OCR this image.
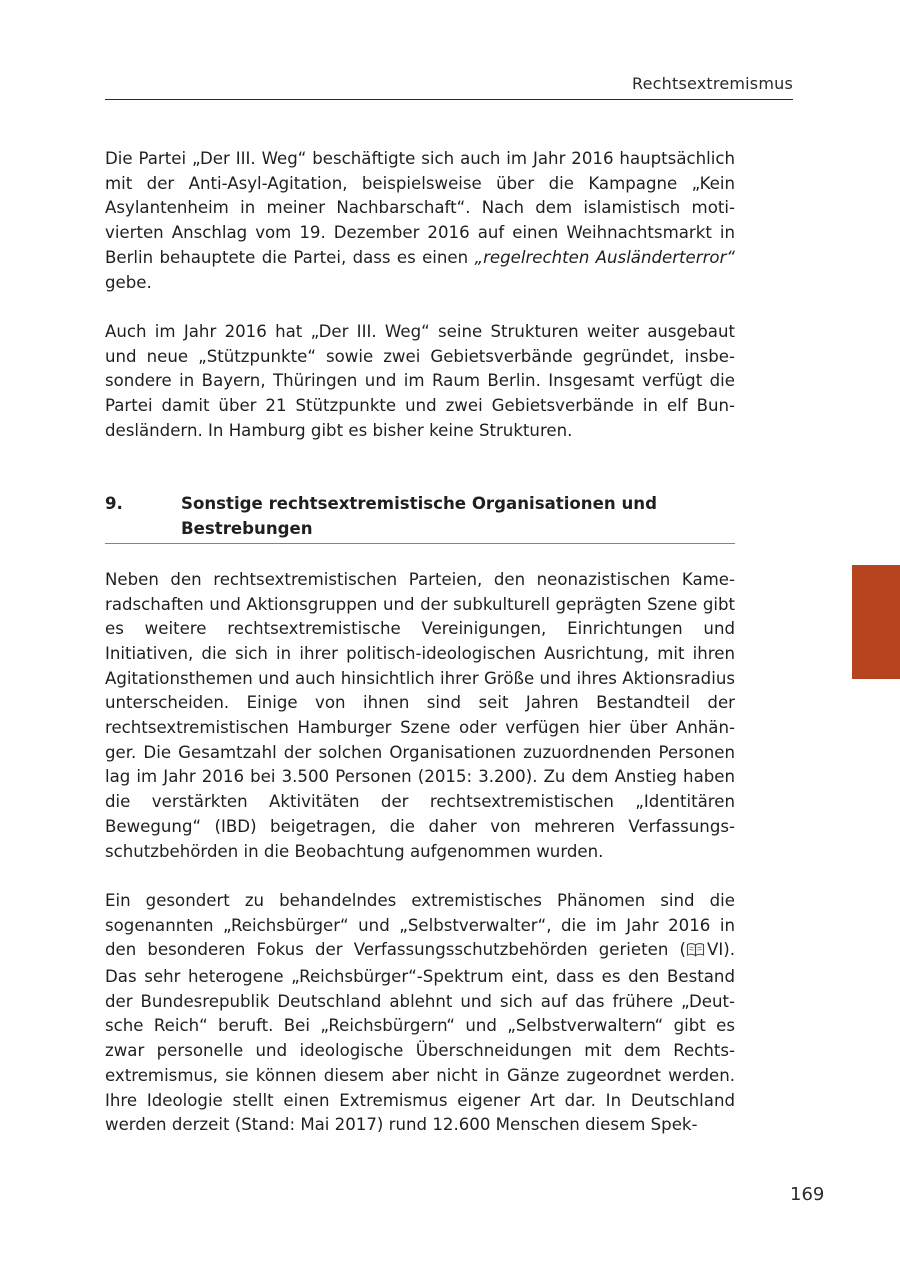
Rechtsextremismus

Die Partei „Der III. Weg“ beschäftigte sich auch im Jahr 2016 hauptsächlich mit der Anti-Asyl-Agitation, beispielsweise über die Kampagne „Kein Asylantenheim in meiner Nachbarschaft“. Nach dem islamistisch motivierten Anschlag vom 19. Dezember 2016 auf einen Weihnachtsmarkt in Berlin behauptete die Partei, dass es einen „regelrechten Ausländerterror“ gebe.

Auch im Jahr 2016 hat „Der III. Weg“ seine Strukturen weiter ausgebaut und neue „Stützpunkte“ sowie zwei Gebietsverbände gegründet, insbesondere in Bayern, Thüringen und im Raum Berlin. Insgesamt verfügt die Partei damit über 21 Stützpunkte und zwei Gebietsverbände in elf Bundesländern. In Hamburg gibt es bisher keine Strukturen.

9.	Sonstige rechtsextremistische Organisationen und Bestrebungen

Neben den rechtsextremistischen Parteien, den neonazistischen Kameradschaften und Aktionsgruppen und der subkulturell geprägten Szene gibt es weitere rechtsextremistische Vereinigungen, Einrichtungen und Initiativen, die sich in ihrer politisch-ideologischen Ausrichtung, mit ihren Agitationsthemen und auch hinsichtlich ihrer Größe und ihres Aktionsradius unterscheiden. Einige von ihnen sind seit Jahren Bestandteil der rechtsextremistischen Hamburger Szene oder verfügen hier über Anhänger. Die Gesamtzahl der solchen Organisationen zuzuordnenden Personen lag im Jahr 2016 bei 3.500 Personen (2015: 3.200). Zu dem Anstieg haben die verstärkten Aktivitäten der rechtsextremistischen „Identitären Bewegung“ (IBD) beigetragen, die daher von mehreren Verfassungsschutzbehörden in die Beobachtung aufgenommen wurden.

Ein gesondert zu behandelndes extremistisches Phänomen sind die sogenannten „Reichsbürger“ und „Selbstverwalter“, die im Jahr 2016 in den besonderen Fokus der Verfassungsschutzbehörden gerieten ( VI). Das sehr heterogene „Reichsbürger“-Spektrum eint, dass es den Bestand der Bundesrepublik Deutschland ablehnt und sich auf das frühere „Deutsche Reich“ beruft. Bei „Reichsbürgern“ und „Selbstverwaltern“ gibt es zwar personelle und ideologische Überschneidungen mit dem Rechtsextremismus, sie können diesem aber nicht in Gänze zugeordnet werden. Ihre Ideologie stellt einen Extremismus eigener Art dar. In Deutschland werden derzeit (Stand: Mai 2017) rund 12.600 Menschen diesem Spek-

169
